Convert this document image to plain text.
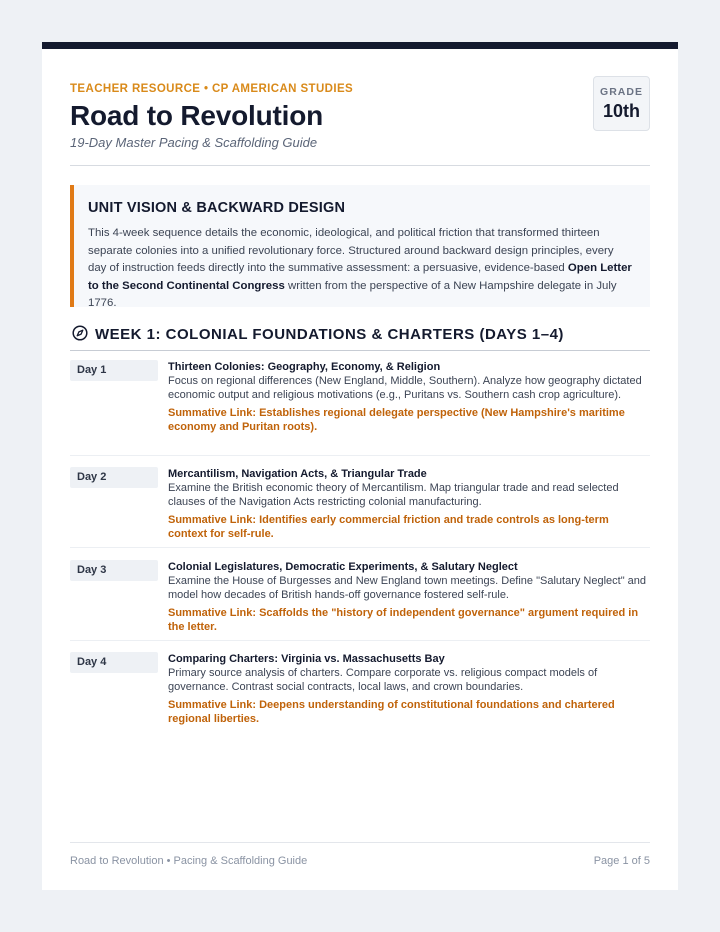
TEACHER RESOURCE • CP AMERICAN STUDIES
Road to Revolution
19-Day Master Pacing & Scaffolding Guide
GRADE
10th
UNIT VISION & BACKWARD DESIGN
This 4-week sequence details the economic, ideological, and political friction that transformed thirteen separate colonies into a unified revolutionary force. Structured around backward design principles, every day of instruction feeds directly into the summative assessment: a persuasive, evidence-based Open Letter to the Second Continental Congress written from the perspective of a New Hampshire delegate in July 1776.
WEEK 1: COLONIAL FOUNDATIONS & CHARTERS (DAYS 1–4)
Day 1	Thirteen Colonies: Geography, Economy, & Religion
Focus on regional differences (New England, Middle, Southern). Analyze how geography dictated economic output and religious motivations (e.g., Puritans vs. Southern cash crop agriculture).
Summative Link: Establishes regional delegate perspective (New Hampshire's maritime economy and Puritan roots).
Day 2	Mercantilism, Navigation Acts, & Triangular Trade
Examine the British economic theory of Mercantilism. Map triangular trade and read selected clauses of the Navigation Acts restricting colonial manufacturing.
Summative Link: Identifies early commercial friction and trade controls as long-term context for self-rule.
Day 3	Colonial Legislatures, Democratic Experiments, & Salutary Neglect
Examine the House of Burgesses and New England town meetings. Define "Salutary Neglect" and model how decades of British hands-off governance fostered self-rule.
Summative Link: Scaffolds the "history of independent governance" argument required in the letter.
Day 4	Comparing Charters: Virginia vs. Massachusetts Bay
Primary source analysis of charters. Compare corporate vs. religious compact models of governance. Contrast social contracts, local laws, and crown boundaries.
Summative Link: Deepens understanding of constitutional foundations and chartered regional liberties.
Road to Revolution • Pacing & Scaffolding Guide	Page 1 of 5
